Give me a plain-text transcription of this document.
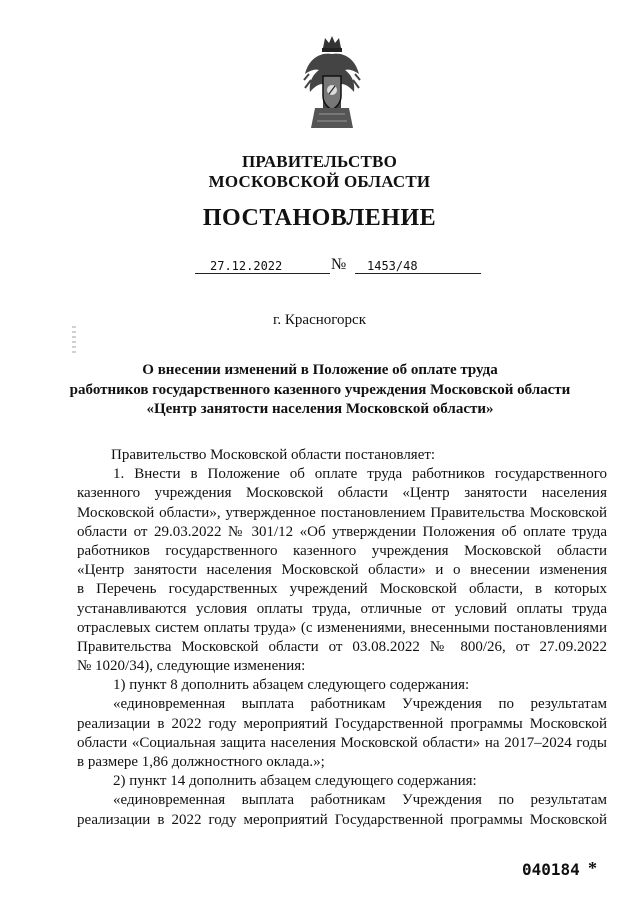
ПРАВИТЕЛЬСТВО
МОСКОВСКОЙ ОБЛАСТИ
ПОСТАНОВЛЕНИЕ
27.12.2022	№	1453/48
г. Красногорск
О внесении изменений в Положение об оплате труда
работников государственного казенного учреждения Московской области
«Центр занятости населения Московской области»
Правительство Московской области постановляет:
1. Внести в Положение об оплате труда работников государственного
казенного учреждения Московской области «Центр занятости населения
Московской области», утвержденное постановлением Правительства Московской
области от 29.03.2022 № 301/12 «Об утверждении Положения об оплате труда
работников государственного казенного учреждения Московской области
«Центр занятости населения Московской области» и о внесении изменения
в Перечень государственных учреждений Московской области, в которых
устанавливаются условия оплаты труда, отличные от условий оплаты труда
отраслевых систем оплаты труда» (с изменениями, внесенными постановлениями
Правительства Московской области от 03.08.2022 № 800/26, от 27.09.2022
№ 1020/34), следующие изменения:
1) пункт 8 дополнить абзацем следующего содержания:
«единовременная выплата работникам Учреждения по результатам
реализации в 2022 году мероприятий Государственной программы Московской
области «Социальная защита населения Московской области» на 2017–2024 годы
в размере 1,86 должностного оклада.»;
2) пункт 14 дополнить абзацем следующего содержания:
«единовременная выплата работникам Учреждения по результатам
реализации в 2022 году мероприятий Государственной программы Московской
040184 *
